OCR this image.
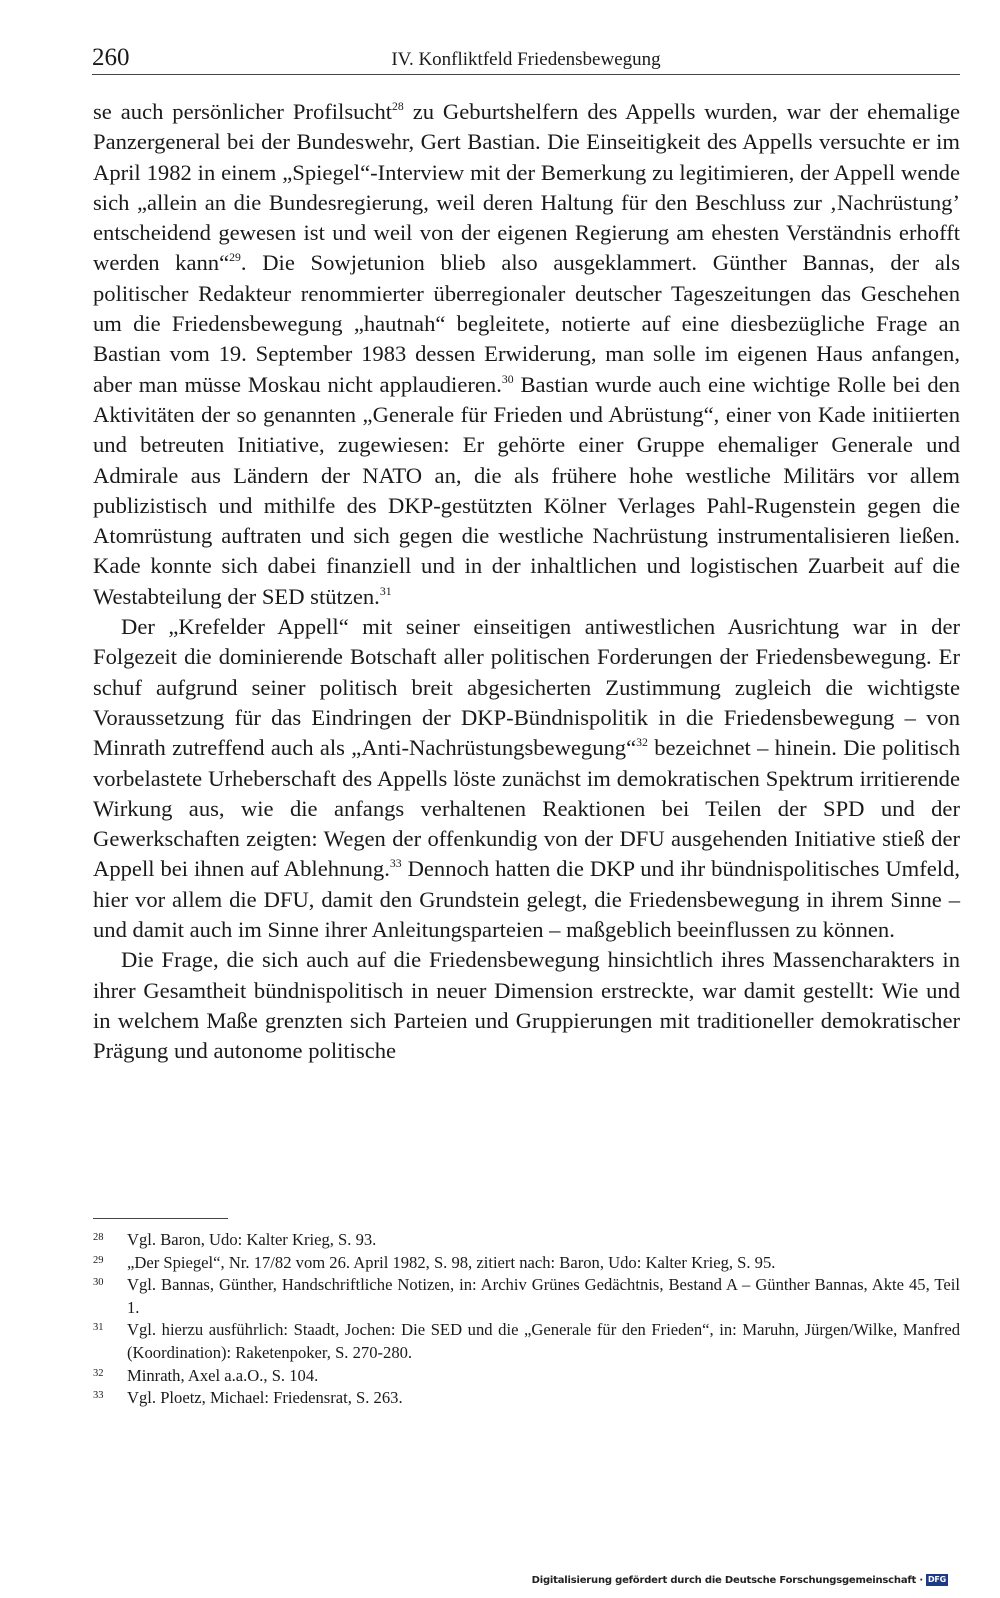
260	IV. Konfliktfeld Friedensbewegung

se auch persönlicher Profilsucht$^{28}$ zu Geburtshelfern des Appells wurden, war der ehemalige Panzergeneral bei der Bundeswehr, Gert Bastian. Die Einseitigkeit des Appells versuchte er im April 1982 in einem „Spiegel“-Interview mit der Bemerkung zu legitimieren, der Appell wende sich „allein an die Bundesregierung, weil deren Haltung für den Beschluss zur ‚Nachrüstung’ entscheidend gewesen ist und weil von der eigenen Regierung am ehesten Verständnis erhofft werden kann“$^{29}$. Die Sowjetunion blieb also ausgeklammert. Günther Bannas, der als politischer Redakteur renommierter überregionaler deutscher Tageszeitungen das Geschehen um die Friedensbewegung „hautnah“ begleitete, notierte auf eine diesbezügliche Frage an Bastian vom 19. September 1983 dessen Erwiderung, man solle im eigenen Haus anfangen, aber man müsse Moskau nicht applaudieren.$^{30}$ Bastian wurde auch eine wichtige Rolle bei den Aktivitäten der so genannten „Generale für Frieden und Abrüstung“, einer von Kade initiierten und betreuten Initiative, zugewiesen: Er gehörte einer Gruppe ehemaliger Generale und Admirale aus Ländern der NATO an, die als frühere hohe westliche Militärs vor allem publizistisch und mithilfe des DKP-gestützten Kölner Verlages Pahl-Rugenstein gegen die Atomrüstung auftraten und sich gegen die westliche Nachrüstung instrumentalisieren ließen. Kade konnte sich dabei finanziell und in der inhaltlichen und logistischen Zuarbeit auf die Westabteilung der SED stützen.$^{31}$

Der „Krefelder Appell“ mit seiner einseitigen antiwestlichen Ausrichtung war in der Folgezeit die dominierende Botschaft aller politischen Forderungen der Friedensbewegung. Er schuf aufgrund seiner politisch breit abgesicherten Zustimmung zugleich die wichtigste Voraussetzung für das Eindringen der DKP-Bündnispolitik in die Friedensbewegung – von Minrath zutreffend auch als „Anti-Nachrüstungsbewegung“$^{32}$ bezeichnet – hinein. Die politisch vorbelastete Urheberschaft des Appells löste zunächst im demokratischen Spektrum irritierende Wirkung aus, wie die anfangs verhaltenen Reaktionen bei Teilen der SPD und der Gewerkschaften zeigten: Wegen der offenkundig von der DFU ausgehenden Initiative stieß der Appell bei ihnen auf Ablehnung.$^{33}$ Dennoch hatten die DKP und ihr bündnispolitisches Umfeld, hier vor allem die DFU, damit den Grundstein gelegt, die Friedensbewegung in ihrem Sinne – und damit auch im Sinne ihrer Anleitungsparteien – maßgeblich beeinflussen zu können.

Die Frage, die sich auch auf die Friedensbewegung hinsichtlich ihres Massencharakters in ihrer Gesamtheit bündnispolitisch in neuer Dimension erstreckte, war damit gestellt: Wie und in welchem Maße grenzten sich Parteien und Gruppierungen mit traditioneller demokratischer Prägung und autonome politische

28 Vgl. Baron, Udo: Kalter Krieg, S. 93.
29 „Der Spiegel“, Nr. 17/82 vom 26. April 1982, S. 98, zitiert nach: Baron, Udo: Kalter Krieg, S. 95.
30 Vgl. Bannas, Günther, Handschriftliche Notizen, in: Archiv Grünes Gedächtnis, Bestand A – Günther Bannas, Akte 45, Teil 1.
31 Vgl. hierzu ausführlich: Staadt, Jochen: Die SED und die „Generale für den Frieden“, in: Maruhn, Jürgen/Wilke, Manfred (Koordination): Raketenpoker, S. 270-280.
32 Minrath, Axel a.a.O., S. 104.
33 Vgl. Ploetz, Michael: Friedensrat, S. 263.
Digitalisierung gefördert durch die Deutsche Forschungsgemeinschaft · DFG
